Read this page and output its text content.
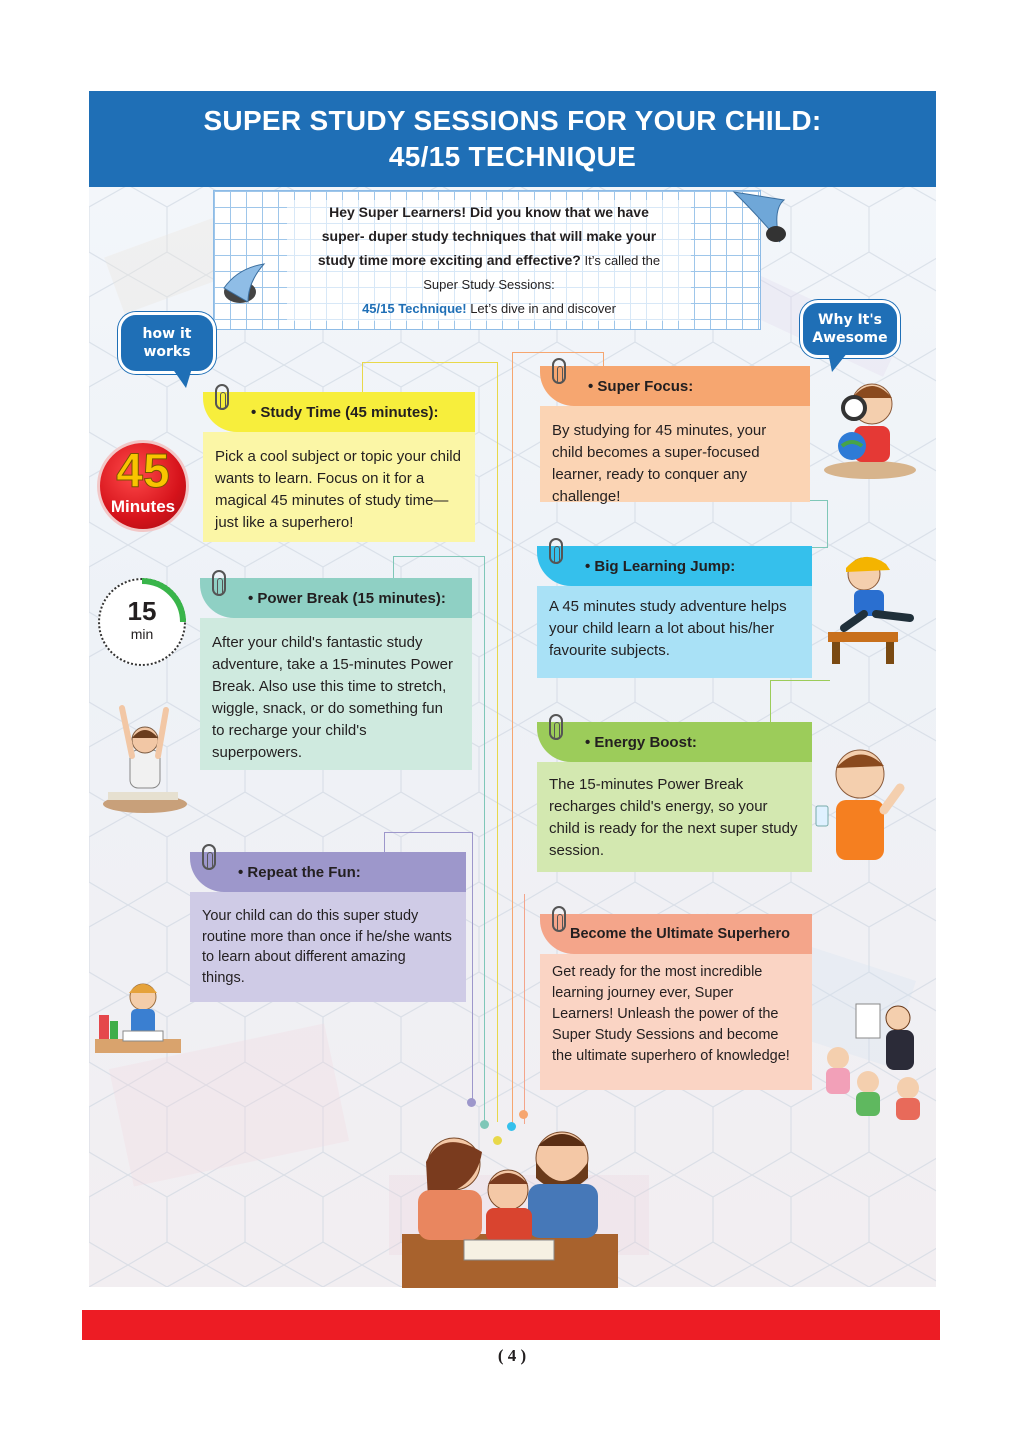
SUPER STUDY SESSIONS FOR YOUR CHILD:
45/15 TECHNIQUE
Hey Super Learners! Did you know that we have
super- duper study techniques that will make your
study time more exciting and effective? It’s called the
Super Study Sessions:
45/15 Technique! Let’s dive in and discover
how it
works
Why It's
Awesome
• Study Time (45 minutes):
Pick a cool subject or topic your child wants to learn. Focus on it for a magical 45 minutes of study time—just like a superhero!
• Power Break (15 minutes):
After your child's fantastic study adventure, take a 15-minutes Power Break. Also use this time to stretch, wiggle, snack, or do something fun to recharge your child's superpowers.
• Repeat the Fun:
Your child can do this super study routine more than once if he/she wants to learn about different amazing things.
• Super Focus:
By studying for 45 minutes, your child becomes a super-focused learner, ready to conquer any challenge!
• Big Learning Jump:
A 45 minutes study adventure helps your child learn a lot about his/her favourite subjects.
• Energy Boost:
The 15-minutes Power Break recharges child's energy, so your child is ready for the next super study session.
Become the Ultimate Superhero
Get ready for the most incredible learning journey ever, Super Learners! Unleash the power of the Super Study Sessions and become the ultimate superhero of knowledge!
45
Minutes
15
min
( 4 )
